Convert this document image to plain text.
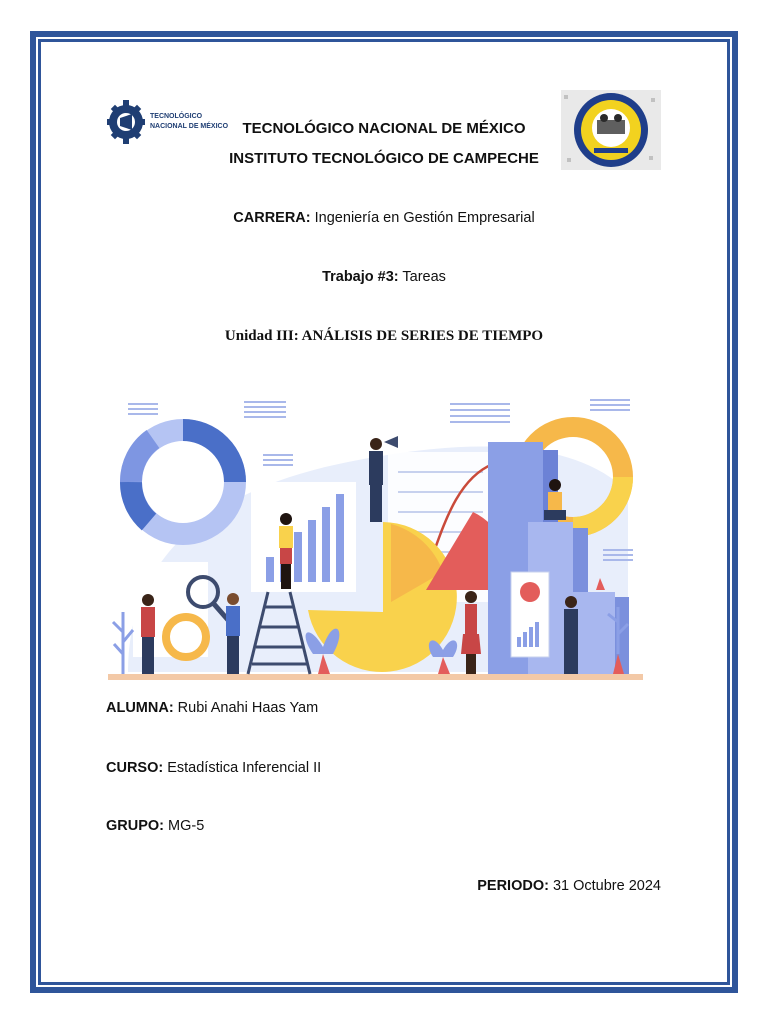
TECNOLÓGICO
NACIONAL DE MÉXICO TECNOLÓGICO NACIONAL DE MÉXICO
INSTITUTO TECNOLÓGICO DE CAMPECHE
CARRERA: Ingeniería en Gestión Empresarial
Trabajo #3: Tareas
Unidad III: ANÁLISIS DE SERIES DE TIEMPO
ALUMNA: Rubi Anahi Haas Yam
CURSO: Estadística Inferencial II
GRUPO: MG-5
PERIODO: 31 Octubre 2024
